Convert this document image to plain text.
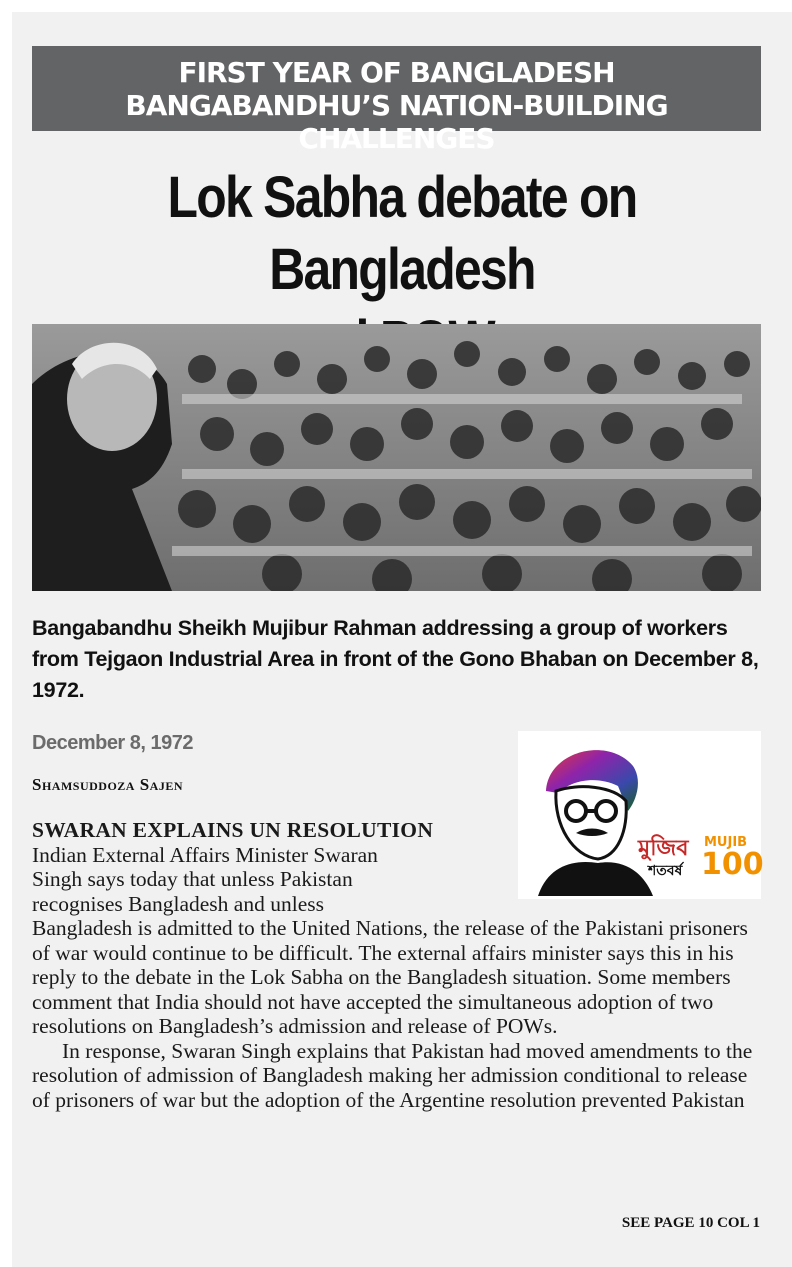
FIRST YEAR OF BANGLADESH
BANGABANDHU’S NATION-BUILDING CHALLENGES
Lok Sabha debate on Bangladesh
Bangabandhu Sheikh Mujibur Rahman addressing a group of workers from Tejgaon Industrial Area in front of the Gono Bhaban on December 8, 1972.
December 8, 1972
Shamsuddoza Sajen
মুজিব
শতবর্ষ
MUJIB
100
SWARAN EXPLAINS UN RESOLUTION
Indian External Affairs Minister Swaran
Singh says today that unless Pakistan
recognises Bangladesh and unless

Bangladesh is admitted to the United Nations, the release of the Pakistani prisoners of war would continue to be difficult. The external affairs minister says this in his reply to the debate in the Lok Sabha on the Bangladesh situation. Some members comment that India should not have accepted the simultaneous adoption of two resolutions on Bangladesh’s admission and release of POWs.

In response, Swaran Singh explains that Pakistan had moved amendments to the resolution of admission of Bangladesh making her admission conditional to release of prisoners of war but the adoption of the Argentine resolution prevented Pakistan

SEE PAGE 10 COL 1
